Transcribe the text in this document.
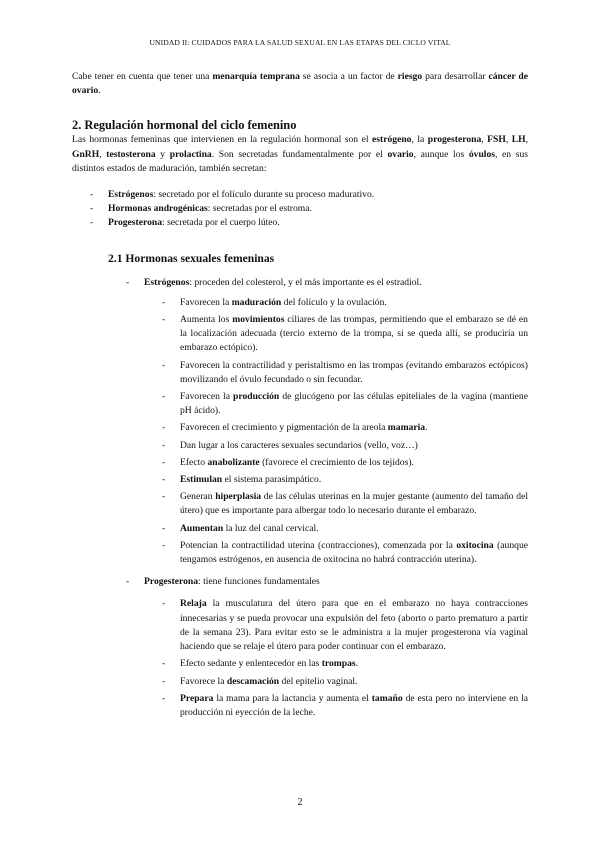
UNIDAD II: CUIDADOS PARA LA SALUD SEXUAL EN LAS ETAPAS DEL CICLO VITAL

Cabe tener en cuenta que tener una menarquía temprana se asocia a un factor de riesgo para desarrollar cáncer de ovario.

2. Regulación hormonal del ciclo femenino

Las hormonas femeninas que intervienen en la regulación hormonal son el estrógeno, la progesterona, FSH, LH, GnRH, testosterona y prolactina. Son secretadas fundamentalmente por el ovario, aunque los óvulos, en sus distintos estados de maduración, también secretan:

- Estrógenos: secretado por el folículo durante su proceso madurativo.
- Hormonas androgénicas: secretadas por el estroma.
- Progesterona: secretada por el cuerpo lúteo.
2.1 Hormonas sexuales femeninas
- Estrógenos: proceden del colesterol, y el más importante es el estradiol.
- Favorecen la maduración del folículo y la ovulación.
- Aumenta los movimientos ciliares de las trompas, permitiendo que el embarazo se dé en la localización adecuada (tercio externo de la trompa, si se queda allí, se produciría un embarazo ectópico).
- Favorecen la contractilidad y peristaltismo en las trompas (evitando embarazos ectópicos) movilizando el óvulo fecundado o sin fecundar.
- Favorecen la producción de glucógeno por las células epiteliales de la vagina (mantiene pH ácido).
- Favorecen el crecimiento y pigmentación de la areola mamaria.
- Dan lugar a los caracteres sexuales secundarios (vello, voz…)
- Efecto anabolizante (favorece el crecimiento de los tejidos).
- Estimulan el sistema parasimpático.
- Generan hiperplasia de las células uterinas en la mujer gestante (aumento del tamaño del útero) que es importante para albergar todo lo necesario durante el embarazo.
- Aumentan la luz del canal cervical.
- Potencian la contractilidad uterina (contracciones), comenzada por la oxitocina (aunque tengamos estrógenos, en ausencia de oxitocina no habrá contracción uterina).
- Progesterona: tiene funciones fundamentales
- Relaja la musculatura del útero para que en el embarazo no haya contracciones innecesarias y se pueda provocar una expulsión del feto (aborto o parto prematuro a partir de la semana 23). Para evitar esto se le administra a la mujer progesterona vía vaginal haciendo que se relaje el útero para poder continuar con el embarazo.
- Efecto sedante y enlentecedor en las trompas.
- Favorece la descamación del epitelio vaginal.
- Prepara la mama para la lactancia y aumenta el tamaño de esta pero no interviene en la producción ni eyección de la leche.
2
